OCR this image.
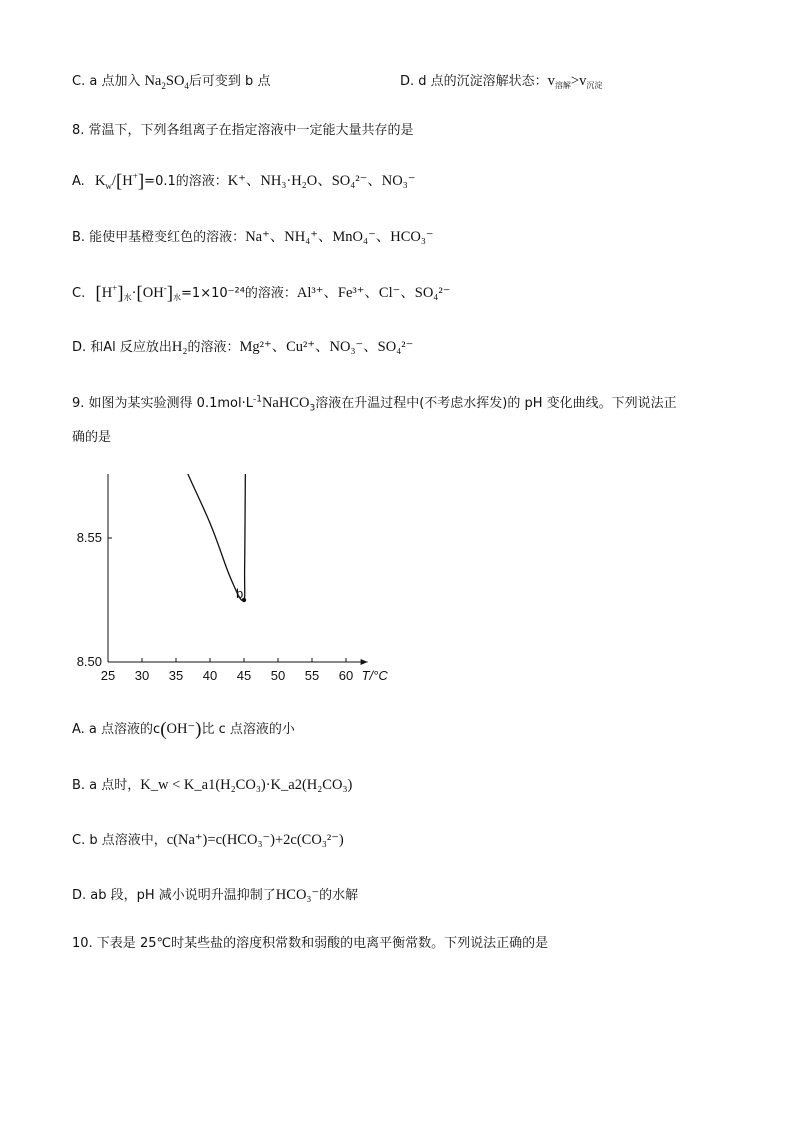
C. a 点加入 $Na_2SO_4$后可变到 b 点	D. d 点的沉淀溶解状态：$v_{溶解}>v_{沉淀}$
8. 常温下，下列各组离子在指定溶液中一定能大量共存的是
A. $K_w/[H^+]=0.1$的溶液：K⁺、NH₃·H₂O、SO₄²⁻、NO₃⁻
B. 能使甲基橙变红色的溶液：Na⁺、NH₄⁺、MnO₄⁻、HCO₃⁻
C. $[H^+]_水\cdot[OH^-]_水=1\times 10^{-24}$的溶液：Al³⁺、Fe³⁺、Cl⁻、SO₄²⁻
D. 和Al 反应放出H₂的溶液：Mg²⁺、Cu²⁺、NO₃⁻、SO₄²⁻
9. 如图为某实验测得 $0.1mol\cdot L^{-1}NaHCO_3$溶液在升温过程中(不考虑水挥发)的 pH 变化曲线。下列说法正
确的是
25 30 35 40 45 50 55 60
8.50
8.55
T/°C
b
A. a 点溶液的c(OH⁻)比 c 点溶液的小
B. a 点时，K_w < K_a1(H₂CO₃)·K_a2(H₂CO₃)
C. b 点溶液中，c(Na⁺)=c(HCO₃⁻)+2c(CO₃²⁻)
D. ab 段，pH 减小说明升温抑制了HCO₃⁻的水解
10. 下表是 25℃时某些盐的溶度积常数和弱酸的电离平衡常数。下列说法正确的是
